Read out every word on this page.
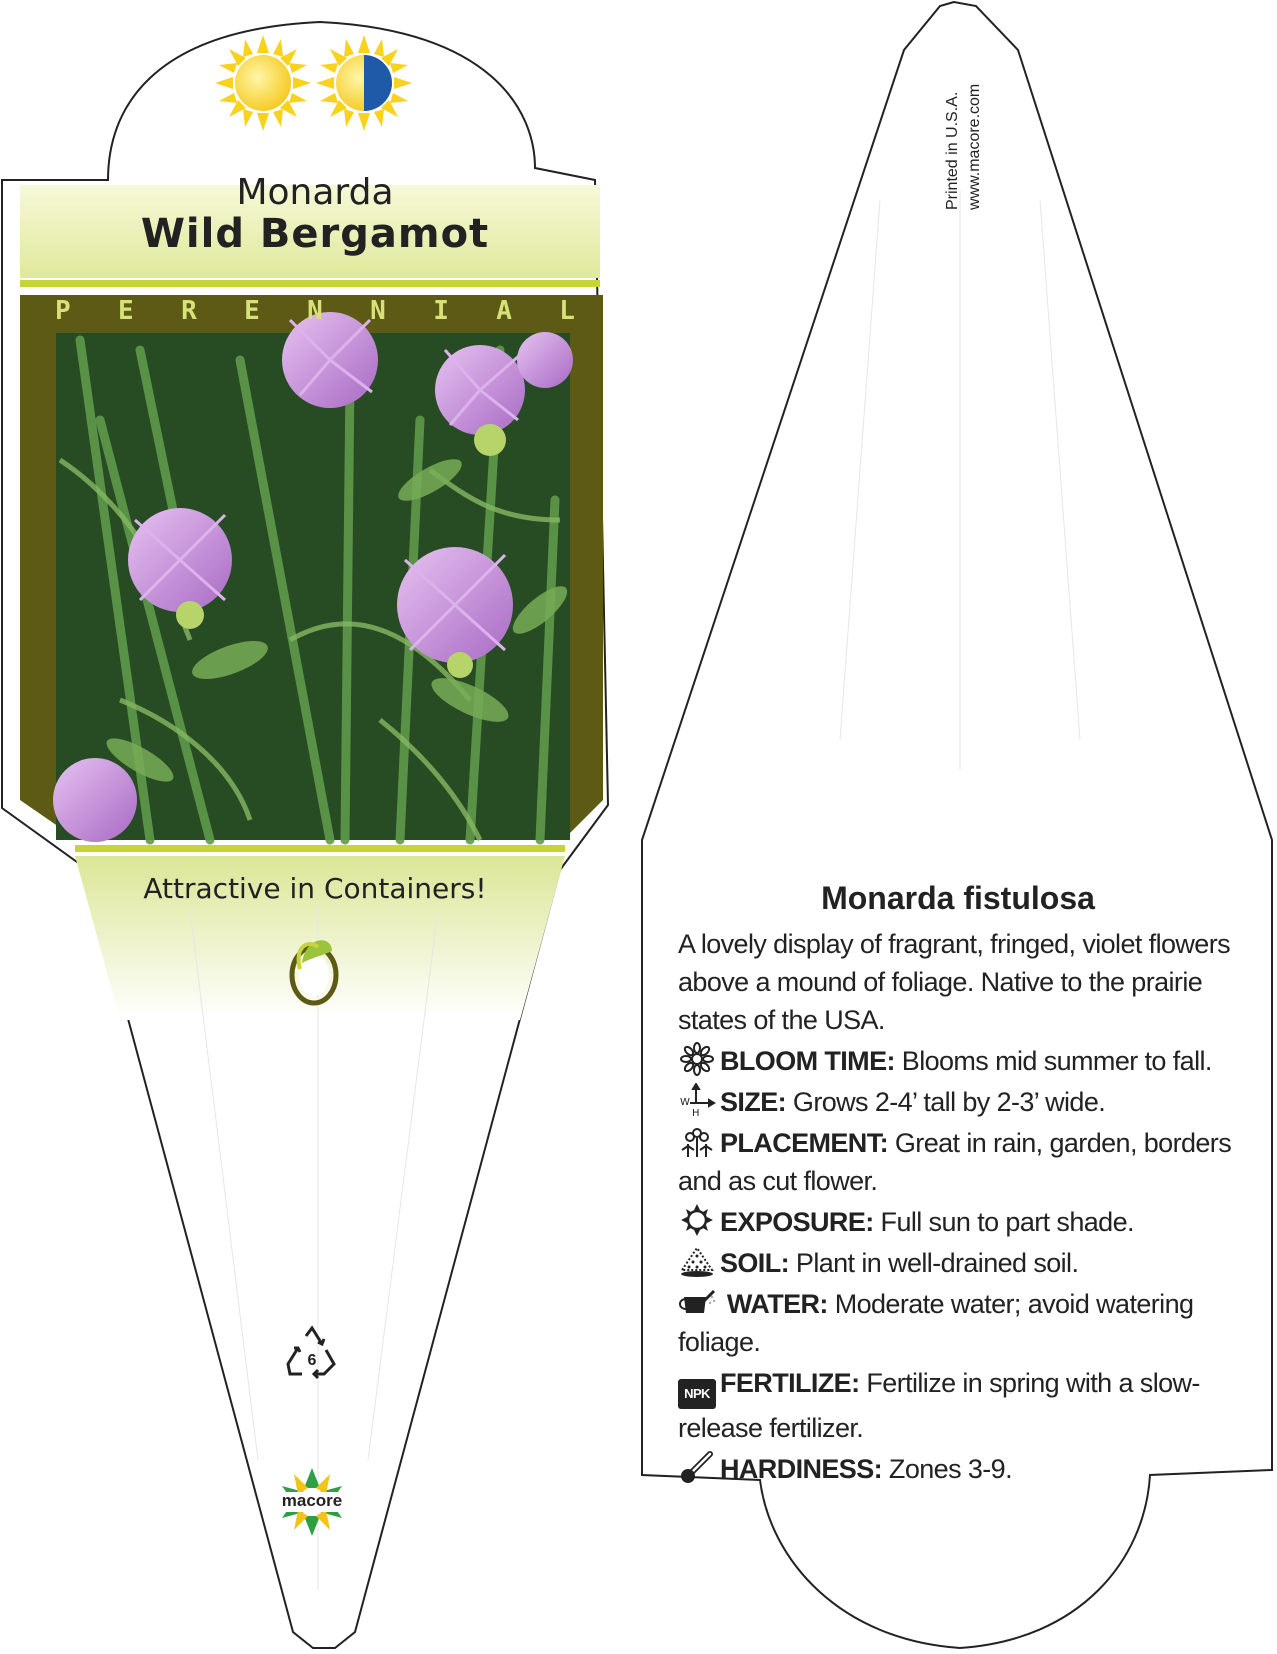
Monarda
Wild Bergamot
P E R E N N I A L
Attractive in Containers!
6
macore
Printed in U.S.A. www.macore.com
Monarda fistulosa
A lovely display of fragrant, fringed, violet flowers above a mound of foliage. Native to the prairie states of the USA.
BLOOM TIME: Blooms mid summer to fall.
W
H SIZE: Grows 2-4’ tall by 2-3’ wide.
PLACEMENT: Great in rain, garden, borders and as cut flower.
EXPOSURE: Full sun to part shade.
SOIL: Plant in well-drained soil.
WATER: Moderate water; avoid watering foliage.
NPK FERTILIZE: Fertilize in spring with a slow-release fertilizer.
HARDINESS: Zones 3-9.
